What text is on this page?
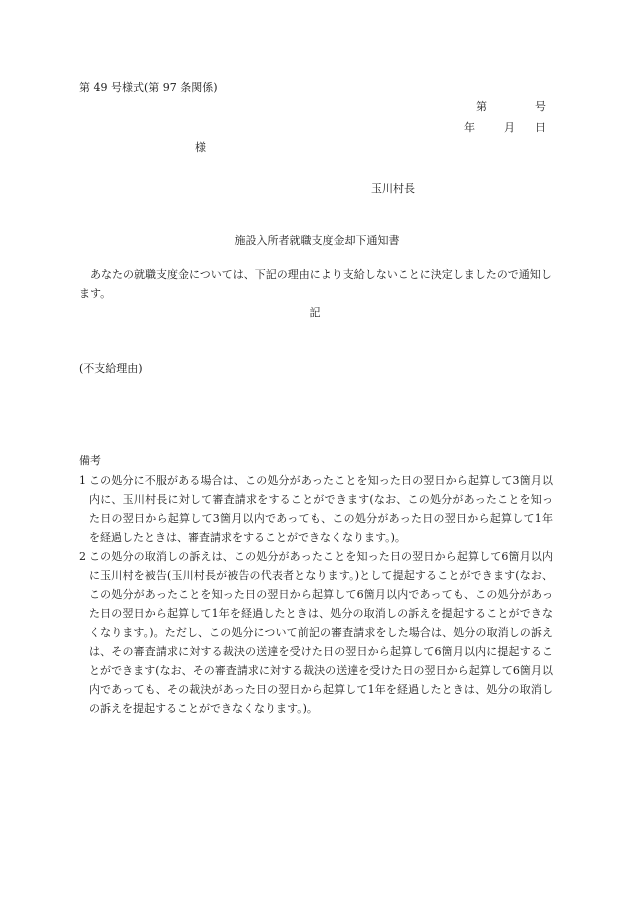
第 49 号様式(第 97 条関係)
第	号
年	月 日
様
玉川村長
施設入所者就職支度金却下通知書
あなたの就職支度金については、下記の理由により支給しないことに決定しましたので通知します。
記
(不支給理由)
備考
1 この処分に不服がある場合は、この処分があったことを知った日の翌日から起算して3箇月以内に、玉川村長に対して審査請求をすることができます(なお、この処分があったことを知った日の翌日から起算して3箇月以内であっても、この処分があった日の翌日から起算して1年を経過したときは、審査請求をすることができなくなります。)。
2 この処分の取消しの訴えは、この処分があったことを知った日の翌日から起算して6箇月以内に玉川村を被告(玉川村長が被告の代表者となります。)として提起することができます(なお、この処分があったことを知った日の翌日から起算して6箇月以内であっても、この処分があった日の翌日から起算して1年を経過したときは、処分の取消しの訴えを提起することができなくなります。)。ただし、この処分について前記の審査請求をした場合は、処分の取消しの訴えは、その審査請求に対する裁決の送達を受けた日の翌日から起算して6箇月以内に提起することができます(なお、その審査請求に対する裁決の送達を受けた日の翌日から起算して6箇月以内であっても、その裁決があった日の翌日から起算して1年を経過したときは、処分の取消しの訴えを提起することができなくなります。)。
